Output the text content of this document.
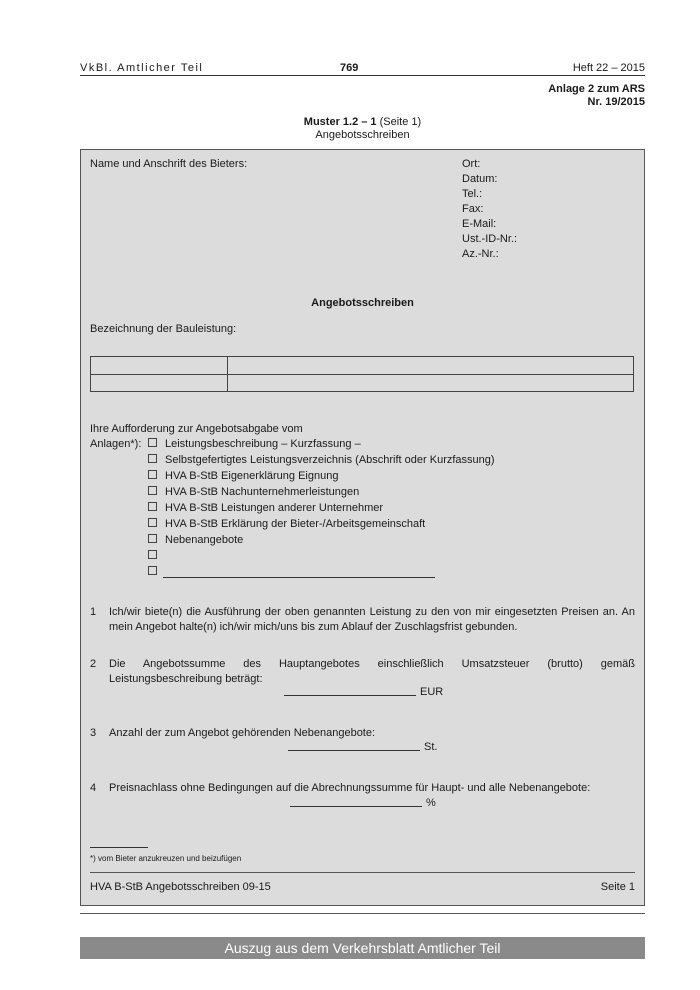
VkBl. Amtlicher Teil	769	Heft 22 – 2015
Anlage 2 zum ARS
Nr. 19/2015
Muster 1.2 – 1 (Seite 1)
Angebotsschreiben
Name und Anschrift des Bieters:	Ort:
Datum:
Tel.:
Fax:
E-Mail:
Ust.-ID-Nr.:
Az.-Nr.:
Angebotsschreiben
Bezeichnung der Bauleistung:
Ihre Aufforderung zur Angebotsabgabe vom
Anlagen*):	Leistungsbeschreibung – Kurzfassung –
Selbstgefertigtes Leistungsverzeichnis (Abschrift oder Kurzfassung)
HVA B-StB Eigenerklärung Eignung
HVA B-StB Nachunternehmerleistungen
HVA B-StB Leistungen anderer Unternehmer
HVA B-StB Erklärung der Bieter-/Arbeitsgemeinschaft
Nebenangebote
1 Ich/wir biete(n) die Ausführung der oben genannten Leistung zu den von mir eingesetzten Preisen an. An mein Angebot halte(n) ich/wir mich/uns bis zum Ablauf der Zuschlagsfrist gebunden.
2 Die Angebotssumme des Hauptangebotes einschließlich Umsatzsteuer (brutto) gemäß Leistungsbeschreibung beträgt:
EUR
3 Anzahl der zum Angebot gehörenden Nebenangebote:
St.
4 Preisnachlass ohne Bedingungen auf die Abrechnungssumme für Haupt- und alle Nebenangebote:
%
*) vom Bieter anzukreuzen und beizufügen
HVA B-StB Angebotsschreiben 09-15	Seite 1
Auszug aus dem Verkehrsblatt Amtlicher Teil
